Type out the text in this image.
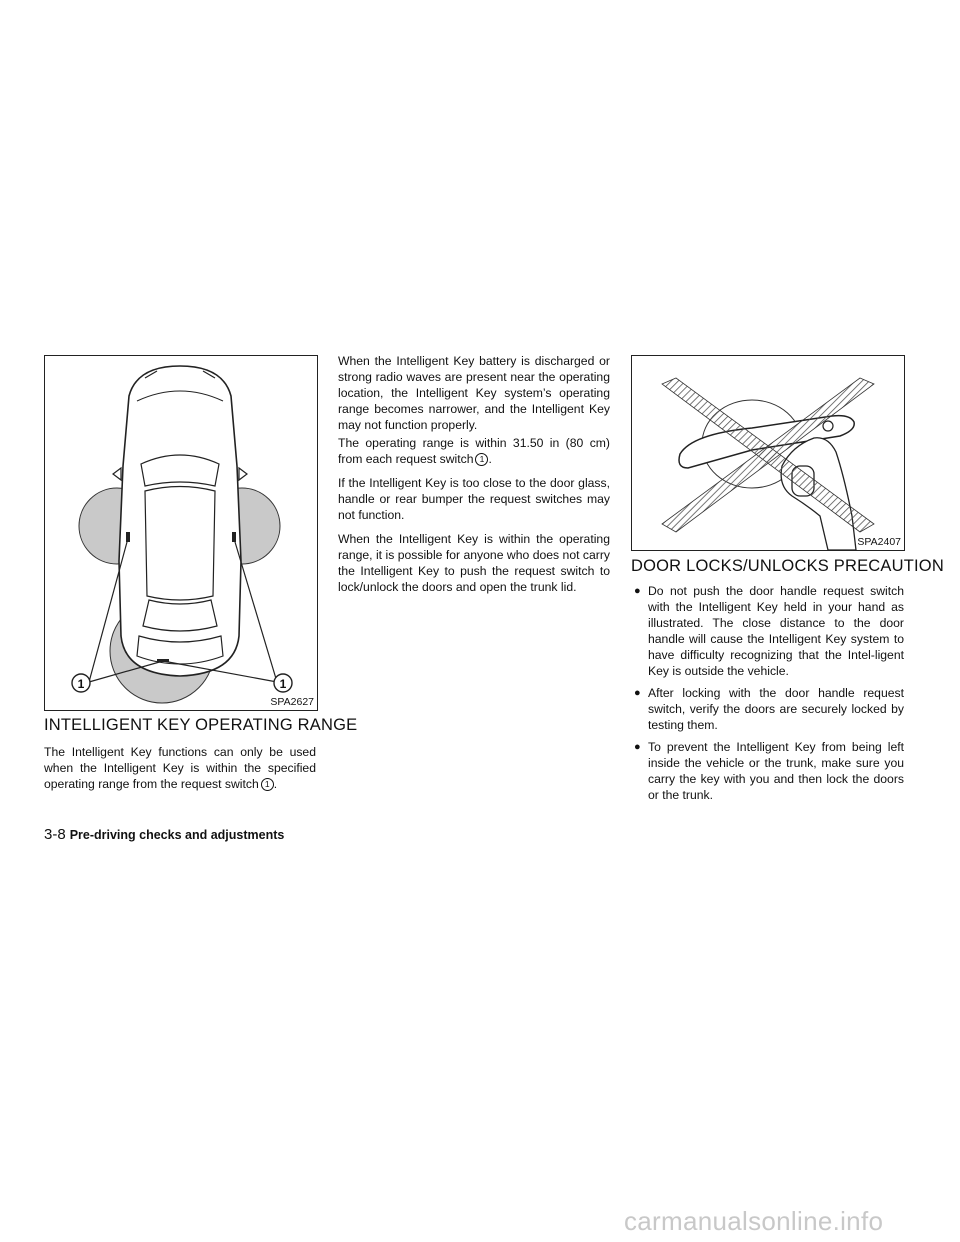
1	1
SPA2627
INTELLIGENT KEY OPERATING RANGE

The Intelligent Key functions can only be used when the Intelligent Key is within the specified operating range from the request switch 1 .

When the Intelligent Key battery is discharged or strong radio waves are present near the operating location, the Intelligent Key system’s operating range becomes narrower, and the Intelligent Key may not function properly.

The operating range is within 31.50 in (80 cm) from each request switch 1 .

If the Intelligent Key is too close to the door glass, handle or rear bumper the request switches may not function.

When the Intelligent Key is within the operating range, it is possible for anyone who does not carry the Intelligent Key to push the request switch to lock/unlock the doors and open the trunk lid.

SPA2407
DOOR LOCKS/UNLOCKS PRECAUTION
● Do not push the door handle request switch with the Intelligent Key held in your hand as illustrated. The close distance to the door handle will cause the Intelligent Key system to have difficulty recognizing that the Intel-ligent Key is outside the vehicle.
● After locking with the door handle request switch, verify the doors are securely locked by testing them.
● To prevent the Intelligent Key from being left inside the vehicle or the trunk, make sure you carry the key with you and then lock the doors or the trunk.
3-8 Pre-driving checks and adjustments
carmanualsonline.info
